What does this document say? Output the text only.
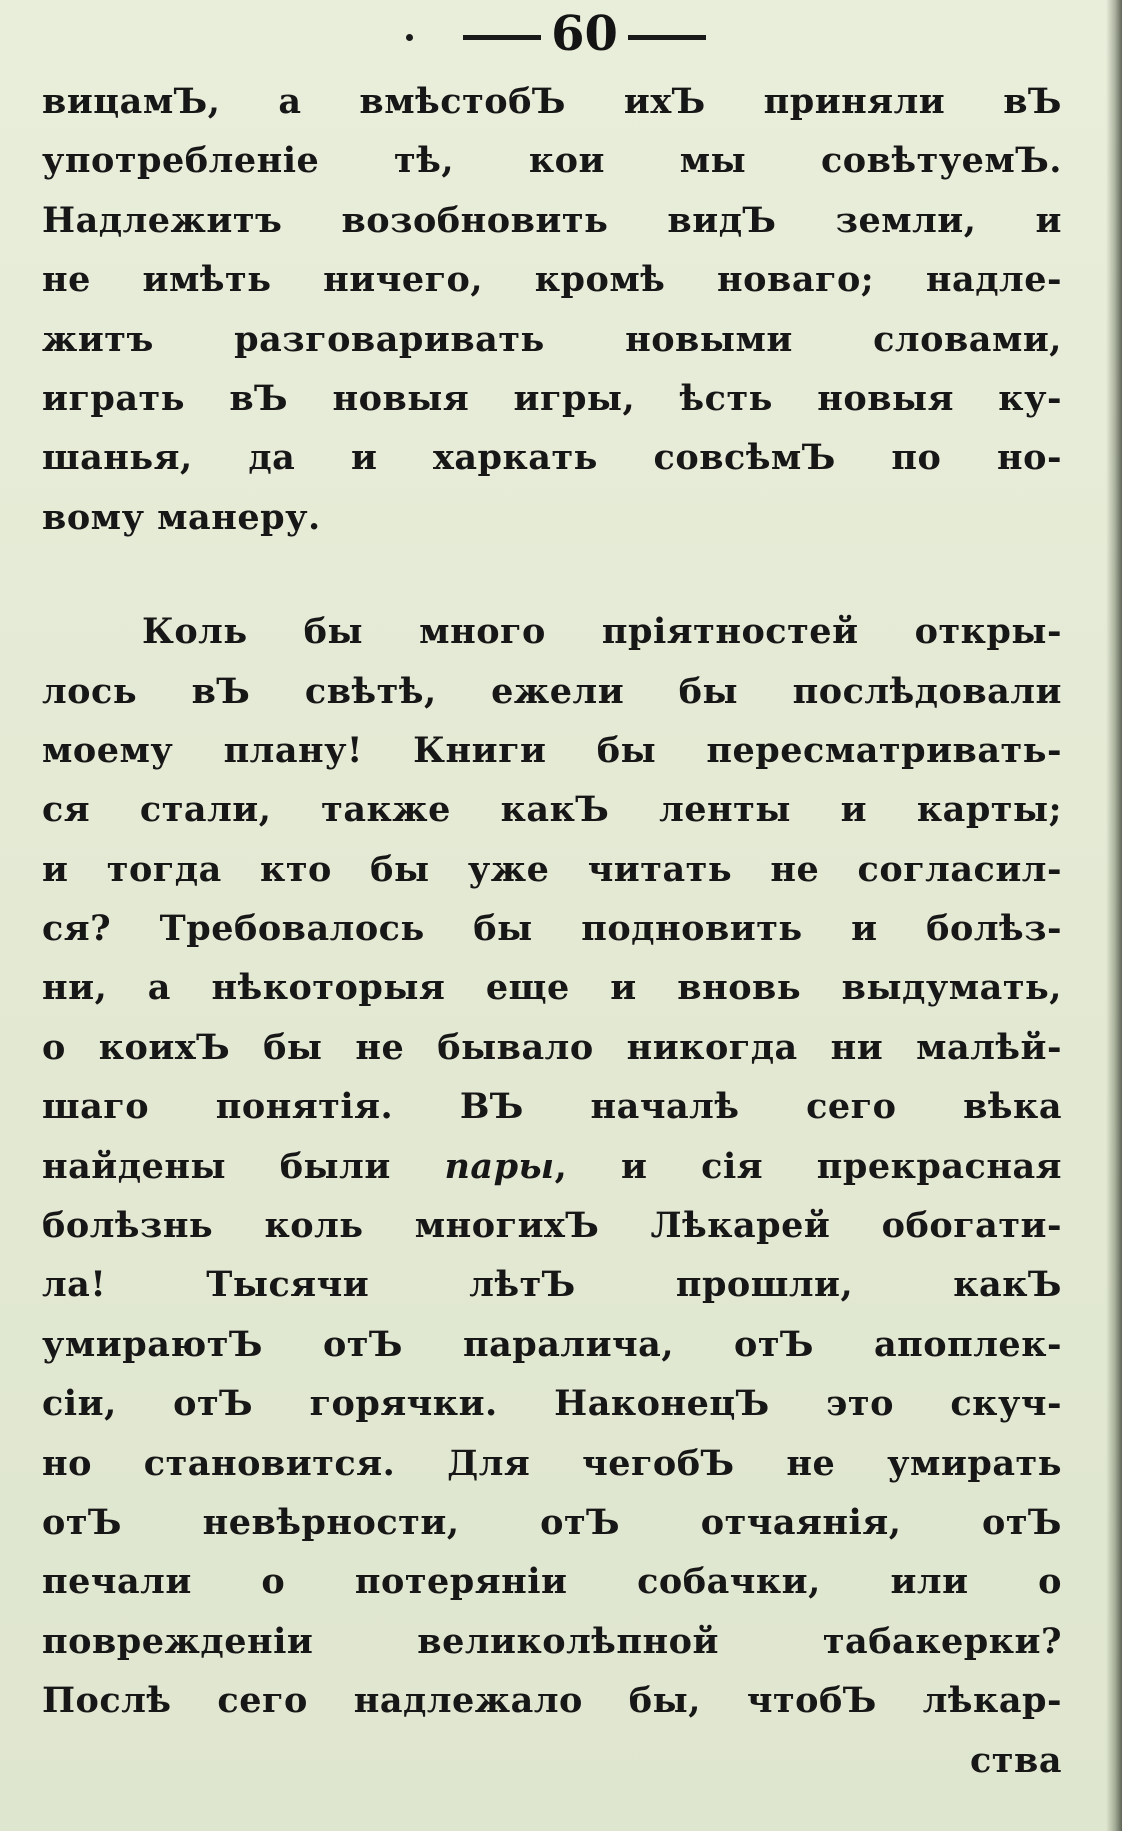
60
вицамЪ, а вмѣстобЪ ихЪ приняли вЪ
употребленіе тѣ, кои мы совѣтуемЪ.
Надлежитъ возобновить видЪ земли, и
не имѣть ничего, кромѣ новаго; надле-
житъ разговаривать новыми словами,
играть вЪ новыя игры, ѣсть новыя ку-
шанья, да и харкать совсѣмЪ по но-
вому манеру.
Коль бы много пріятностей откры-
лось вЪ свѣтѣ, ежели бы послѣдовали
моему плану! Книги бы пересматривать-
ся стали, также какЪ ленты и карты;
и тогда кто бы уже читать не согласил-
ся? Требовалось бы подновить и болѣз-
ни, а нѣкоторыя еще и вновь выдумать,
о коихЪ бы не бывало никогда ни малѣй-
шаго понятія. ВЪ началѣ сего вѣка
найдены были пары, и сія прекрасная
болѣзнь коль многихЪ Лѣкарей обогати-
ла! Тысячи лѣтЪ прошли, какЪ
умираютЪ отЪ паралича, отЪ апоплек-
сіи, отЪ горячки. НаконецЪ это скуч-
но становится. Для чегобЪ не умирать
отЪ невѣрности, отЪ отчаянія, отЪ
печали о потеряніи собачки, или о
поврежденіи великолѣпной табакерки?
Послѣ сего надлежало бы, чтобЪ лѣкар-
ства
